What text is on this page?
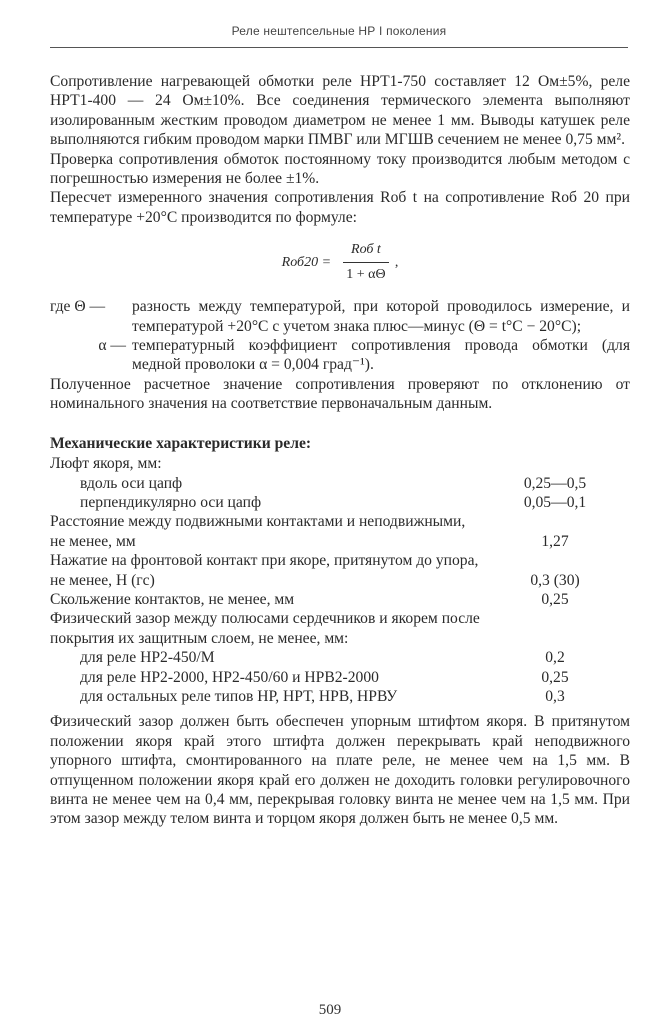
Реле нештепсельные НР I поколения

Сопротивление нагревающей обмотки реле НРТ1-750 составляет 12 Ом±5%, реле НРТ1-400 — 24 Ом±10%. Все соединения термического элемента выполняют изолированным жестким проводом диаметром не менее 1 мм. Выводы катушек реле выполняются гибким проводом марки ПМВГ или МГШВ сечением не менее 0,75 мм².

Проверка сопротивления обмоток постоянному току производится любым методом с погрешностью измерения не более ±1%.

Пересчет измеренного значения сопротивления Rоб t на сопротивление Rоб 20 при температуре +20°С производится по формуле:

$Rоб20 = \frac{\text{Rоб t}}{1 + \alpha\Theta}$ ,
где Θ —	разность между температурой, при которой проводилось измерение, и температурой +20°С с учетом знака плюс—минус (Θ = t°С − 20°С);
α — температурный коэффициент сопротивления провода обмотки (для медной проволоки α = 0,004 град⁻¹).

Полученное расчетное значение сопротивления проверяют по отклонению от номинального значения на соответствие первоначальным данным.

Механические характеристики реле:
Люфт якоря, мм:
вдоль оси цапф	0,25—0,5
перпендикулярно оси цапф	0,05—0,1
Расстояние между подвижными контактами и неподвижными, не менее, мм	1,27
Нажатие на фронтовой контакт при якоре, притянутом до упора, не менее, Н (гс)	0,3 (30)
Скольжение контактов, не менее, мм	0,25
Физический зазор между полюсами сердечников и якорем после покрытия их защитным слоем, не менее, мм:
для реле НР2-450/М	0,2
для реле НР2-2000, НР2-450/60 и НРВ2-2000	0,25
для остальных реле типов НР, НРТ, НРВ, НРВУ	0,3

Физический зазор должен быть обеспечен упорным штифтом якоря. В притянутом положении якоря край этого штифта должен перекрывать край неподвижного упорного штифта, смонтированного на плате реле, не менее чем на 1,5 мм. В отпущенном положении якоря край его должен не доходить головки регулировочного винта не менее чем на 0,4 мм, перекрывая головку винта не менее чем на 1,5 мм. При этом зазор между телом винта и торцом якоря должен быть не менее 0,5 мм.

509
